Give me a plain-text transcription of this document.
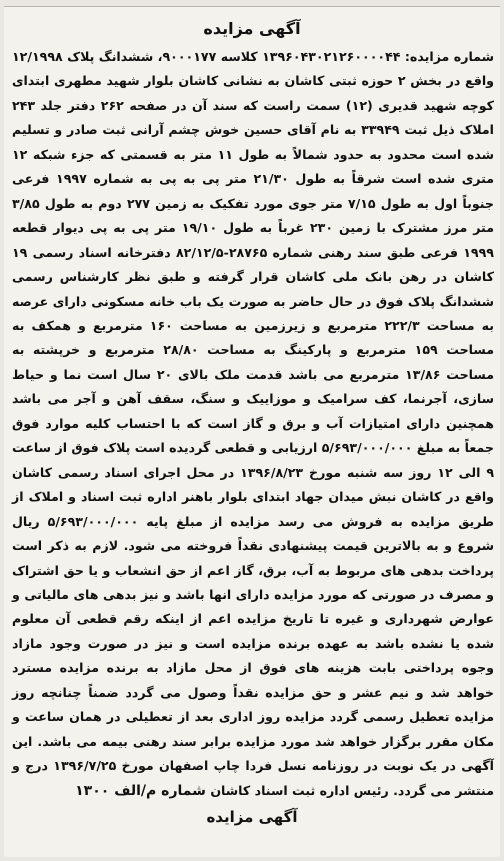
آگهی مزایده

شماره مزایده: ۱۳۹۶۰۴۳۰۲۱۲۶۰۰۰۰۴۴ کلاسه ۹۰۰۰۱۷۷، ششدانگ پلاک ۱۲/۱۹۹۸ واقع در بخش ۲ حوزه ثبتی کاشان به نشانی کاشان بلوار شهید مطهری ابتدای کوچه شهید قدیری (۱۲) سمت راست که سند آن در صفحه ۲۶۲ دفتر جلد ۲۴۳ املاک ذیل ثبت ۳۳۹۴۹ به نام آقای حسین خوش چشم آرانی ثبت صادر و تسلیم شده است محدود به حدود شمالاً به طول ۱۱ متر به قسمتی که جزء شبکه ۱۲ متری شده است شرقاً به طول ۲۱/۳۰ متر پی به پی به شماره ۱۹۹۷ فرعی جنوباً اول به طول ۷/۱۵ متر جوی مورد تفکیک به زمین ۲۷۷ دوم به طول ۳/۸۵ متر مرز مشترک با زمین ۲۳۰ غرباً به طول ۱۹/۱۰ متر پی به پی دیوار قطعه ۱۹۹۹ فرعی طبق سند رهنی شماره ۲۸۷۶۵-۸۲/۱۲/۵ دفترخانه اسناد رسمی ۱۹ کاشان در رهن بانک ملی کاشان قرار گرفته و طبق نظر کارشناس رسمی ششدانگ پلاک فوق در حال حاضر به صورت یک باب خانه مسکونی دارای عرصه به مساحت ۲۲۲/۳ مترمربع و زیرزمین به مساحت ۱۶۰ مترمربع و همکف به مساحت ۱۵۹ مترمربع و پارکینگ به مساحت ۲۸/۸۰ مترمربع و خرپشته به مساحت ۱۳/۸۶ مترمربع می باشد قدمت ملک بالای ۲۰ سال است نما و حیاط سازی، آجرنما، کف سرامیک و موزاییک و سنگ، سقف آهن و آجر می باشد همچنین دارای امتیازات آب و برق و گاز است که با احتساب کلیه موارد فوق جمعاً به مبلغ ۵/۶۹۳/۰۰۰/۰۰۰ ارزیابی و قطعی گردیده است پلاک فوق از ساعت ۹ الی ۱۲ روز سه شنبه مورخ ۱۳۹۶/۸/۲۳ در محل اجرای اسناد رسمی کاشان واقع در کاشان نبش میدان جهاد ابتدای بلوار باهنر اداره ثبت اسناد و املاک از طریق مزایده به فروش می رسد مزایده از مبلغ پایه ۵/۶۹۳/۰۰۰/۰۰۰ ریال شروع و به بالاترین قیمت پیشنهادی نقداً فروخته می شود. لازم به ذکر است پرداخت بدهی های مربوط به آب، برق، گاز اعم از حق انشعاب و یا حق اشتراک و مصرف در صورتی که مورد مزایده دارای انها باشد و نیز بدهی های مالیاتی و عوارض شهرداری و غیره تا تاریخ مزایده اعم از اینکه رقم قطعی آن معلوم شده یا نشده باشد به عهده برنده مزایده است و نیز در صورت وجود مازاد وجوه پرداختی بابت هزینه های فوق از محل مازاد به برنده مزایده مسترد خواهد شد و نیم عشر و حق مزایده نقداً وصول می گردد ضمناً چنانچه روز مزایده تعطیل رسمی گردد مزایده روز اداری بعد از تعطیلی در همان ساعت و مکان مقرر برگزار خواهد شد مورد مزایده برابر سند رهنی بیمه می باشد. این آگهی در یک نوبت در روزنامه نسل فردا چاپ اصفهان مورخ ۱۳۹۶/۷/۲۵ درج و منتشر می گردد. رئیس اداره ثبت اسناد کاشان شماره م/الف ۱۳۰۰

آگهی مزایده
